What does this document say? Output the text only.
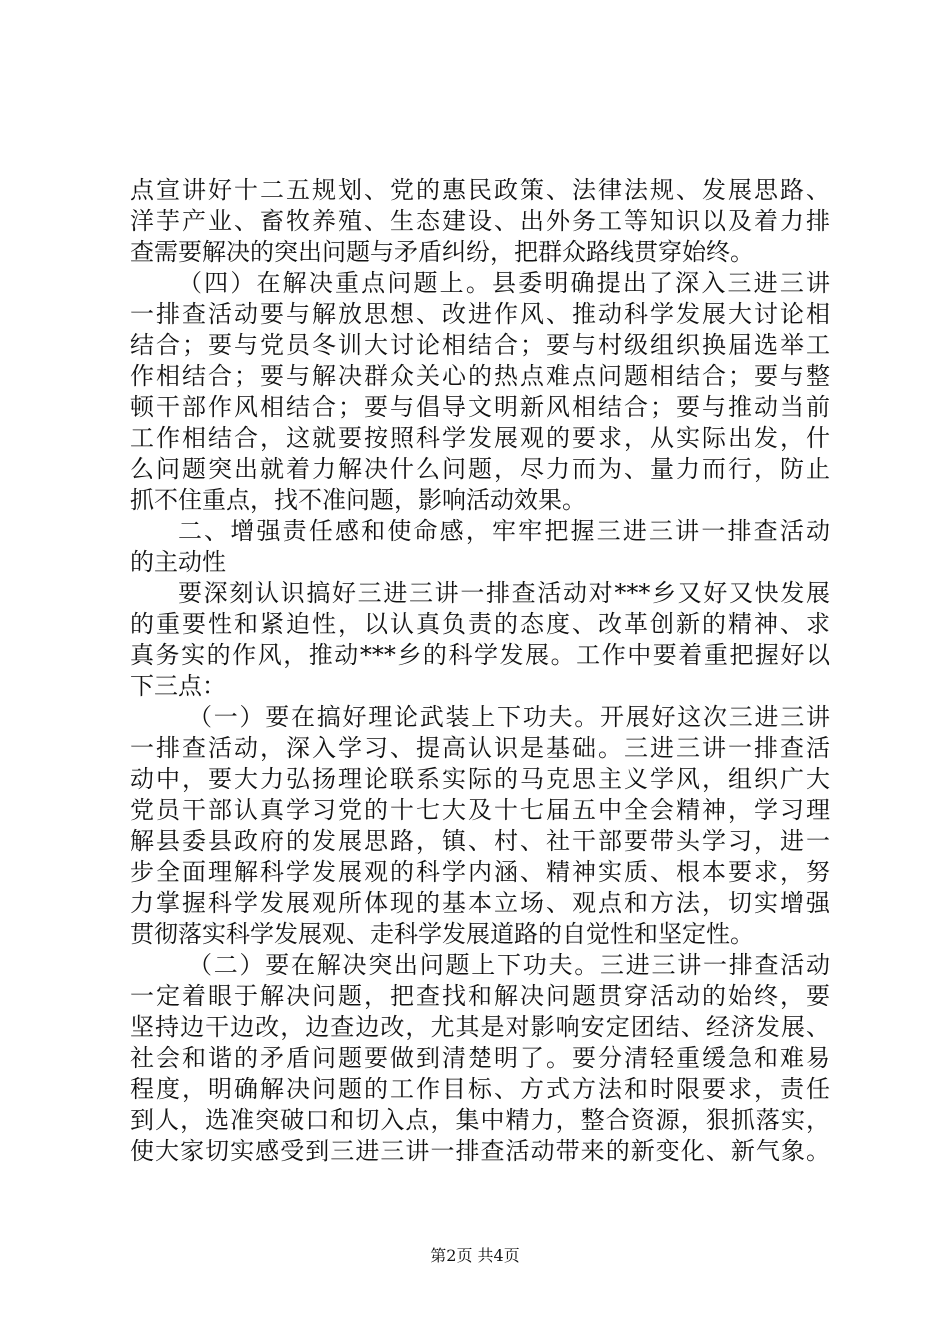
点宣讲好十二五规划、党的惠民政策、法律法规、发展思路、
洋芋产业、畜牧养殖、生态建设、出外务工等知识以及着力排
查需要解决的突出问题与矛盾纠纷，把群众路线贯穿始终。
（四）在解决重点问题上。县委明确提出了深入三进三讲
一排查活动要与解放思想、改进作风、推动科学发展大讨论相
结合；要与党员冬训大讨论相结合；要与村级组织换届选举工
作相结合；要与解决群众关心的热点难点问题相结合；要与整
顿干部作风相结合；要与倡导文明新风相结合；要与推动当前
工作相结合，这就要按照科学发展观的要求，从实际出发，什
么问题突出就着力解决什么问题，尽力而为、量力而行，防止
抓不住重点，找不准问题，影响活动效果。
二、增强责任感和使命感，牢牢把握三进三讲一排查活动
的主动性
要深刻认识搞好三进三讲一排查活动对***乡又好又快发展
的重要性和紧迫性，以认真负责的态度、改革创新的精神、求
真务实的作风，推动***乡的科学发展。工作中要着重把握好以
下三点：
（一）要在搞好理论武装上下功夫。开展好这次三进三讲
一排查活动，深入学习、提高认识是基础。三进三讲一排查活
动中，要大力弘扬理论联系实际的马克思主义学风，组织广大
党员干部认真学习党的十七大及十七届五中全会精神，学习理
解县委县政府的发展思路，镇、村、社干部要带头学习，进一
步全面理解科学发展观的科学内涵、精神实质、根本要求，努
力掌握科学发展观所体现的基本立场、观点和方法，切实增强
贯彻落实科学发展观、走科学发展道路的自觉性和坚定性。
（二）要在解决突出问题上下功夫。三进三讲一排查活动
一定着眼于解决问题，把查找和解决问题贯穿活动的始终，要
坚持边干边改，边查边改，尤其是对影响安定团结、经济发展、
社会和谐的矛盾问题要做到清楚明了。要分清轻重缓急和难易
程度，明确解决问题的工作目标、方式方法和时限要求，责任
到人，选准突破口和切入点，集中精力，整合资源，狠抓落实，
使大家切实感受到三进三讲一排查活动带来的新变化、新气象。
第2页 共4页
